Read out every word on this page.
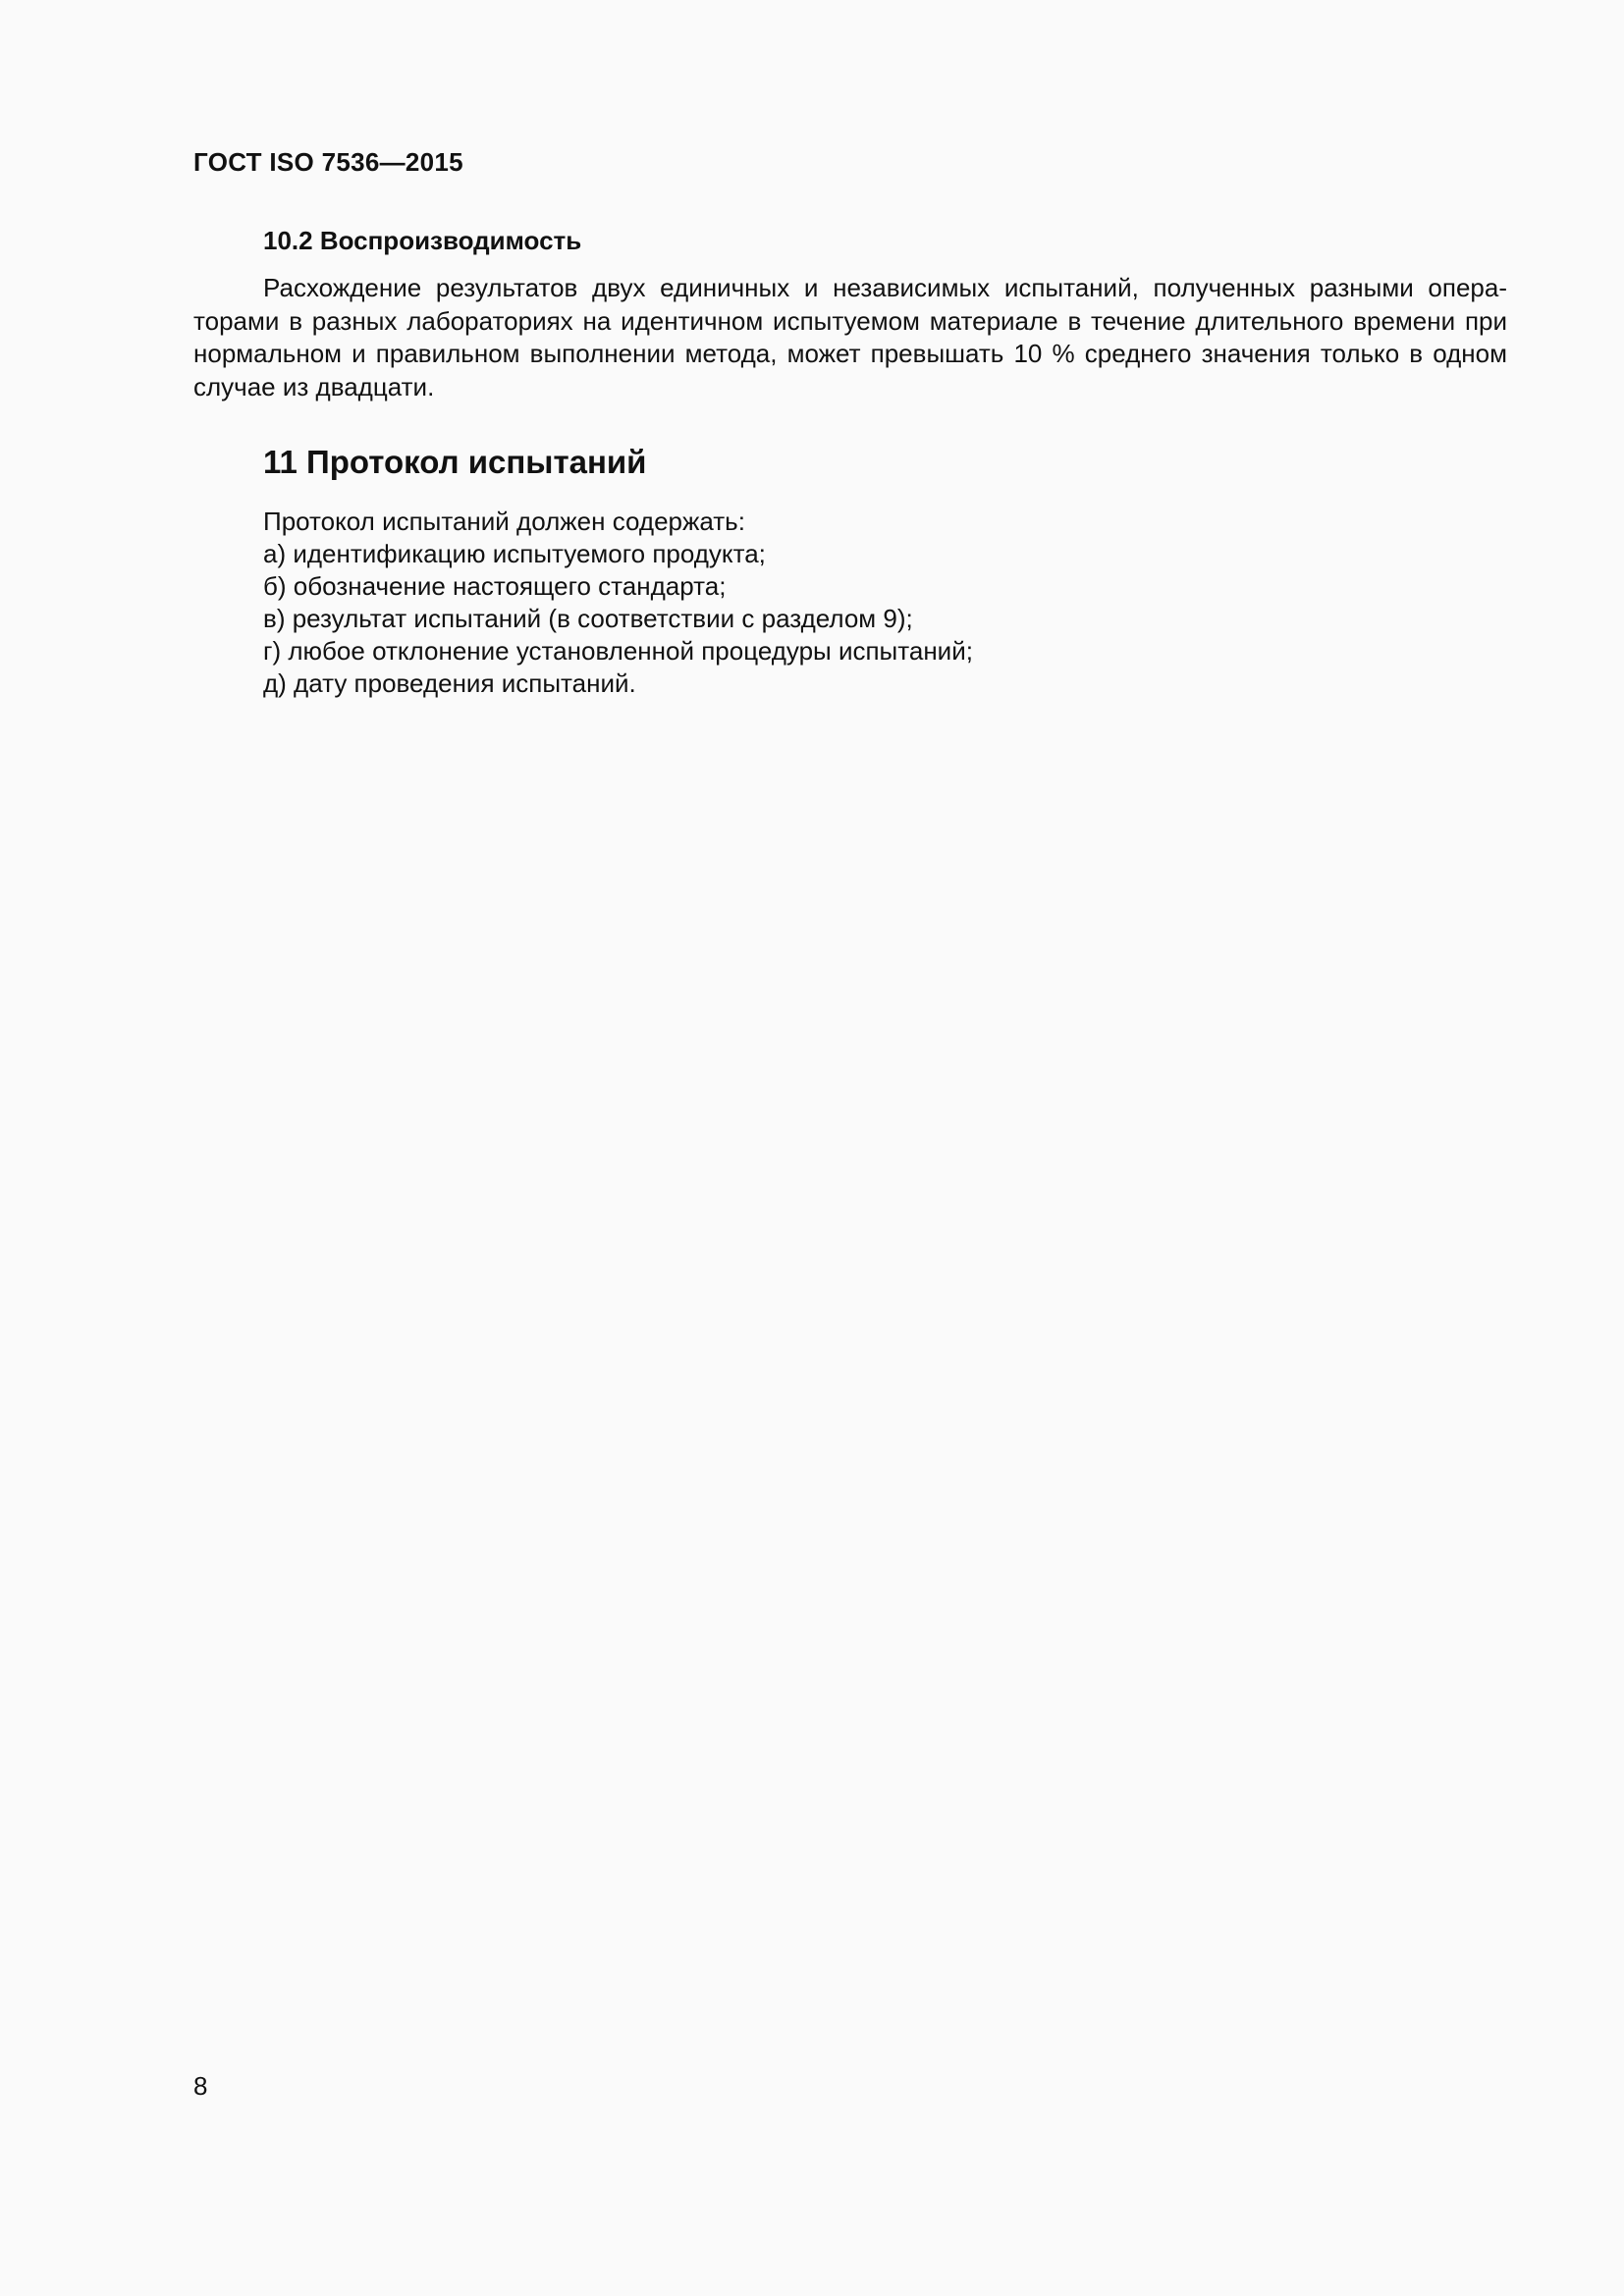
ГОСТ ISO 7536—2015
10.2 Воспроизводимость

Расхождение результатов двух единичных и независимых испытаний, полученных разными опера-торами в разных лабораториях на идентичном испытуемом материале в течение длительного времени при нормальном и правильном выполнении метода, может превышать 10 % среднего значения только в одном случае из двадцати.

11 Протокол испытаний
Протокол испытаний должен содержать:
а) идентификацию испытуемого продукта;
б) обозначение настоящего стандарта;
в) результат испытаний (в соответствии с разделом 9);
г) любое отклонение установленной процедуры испытаний;
д) дату проведения испытаний.
8
